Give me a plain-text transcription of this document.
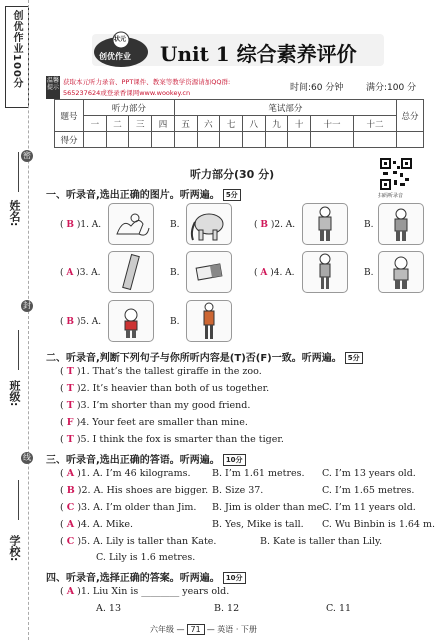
创优作业100分
密
封
线
姓名:
班级:
学校:
状元
创优作业 Unit 1 综合素养评价
温馨提示
获取本元听力录音、PPT课件、教案等教学资源请加QQ群:
565237624或登录香课网www.wookey.cn	时间:60 分钟	满分:100 分
题号	听力部分				笔试部分								总分
	一	二	三	四	五	六	七	八	九	十	十一	十二	
得分													
扫码听录音
听力部分(30 分)
一、听录音,选出正确的图片。听两遍。 5分
( B )1. A.	B.	( B )2. A.	B.
( A )3. A.	B.	( A )4. A.	B.
( B )5. A.	B.
二、听录音,判断下列句子与你所听内容是(T)否(F)一致。听两遍。 5分
( T )1. That’s the tallest giraffe in the zoo.
( T )2. It’s heavier than both of us together.
( T )3. I’m shorter than my good friend.
( F )4. Your feet are smaller than mine.
( T )5. I think the fox is smarter than the tiger.
三、听录音,选出正确的答语。听两遍。 10分
( A )1. A. I’m 46 kilograms. B. I’m 1.61 metres. C. I’m 13 years old.
( B )2. A. His shoes are bigger. B. Size 37.	C. I’m 1.65 metres.
( C )3. A. I’m older than Jim. B. Jim is older than me.
C. I’m 11 years old.
( A )4. A. Mike.	B. Yes, Mike is tall. C. Wu Binbin is 1.64 m.
( C )5. A. Lily is taller than Kate.	B. Kate is taller than Lily.
C. Lily is 1.6 metres.
四、听录音,选择正确的答案。听两遍。 10分
( A )1. Liu Xin is ________ years old.
A. 13	B. 12	C. 11
六年级 — 71 — 英语 · 下册
